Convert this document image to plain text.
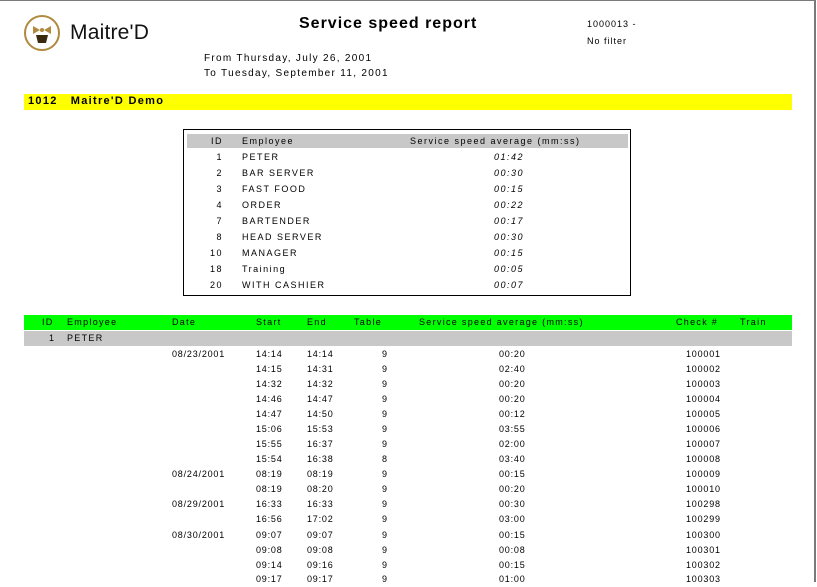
Maitre'D	Service speed report	1000013 -
No filter
From Thursday, July 26, 2001
To Tuesday, September 11, 2001
1012   Maitre'D Demo
ID Employee	Service speed average (mm:ss)
1 PETER	01:42
2 BAR SERVER	00:30
3 FAST FOOD	00:15
4 ORDER	00:22
7 BARTENDER	00:17
8 HEAD SERVER	00:30
10 MANAGER	00:15
18 Training	00:05
20 WITH CASHIER	00:07
ID Employee	Date	Start	End	Table	Service speed average (mm:ss)	Check # Train
1 PETER
08/23/2001	14:14	14:14	9	00:20	100001
14:15	14:31	9	02:40	100002
14:32	14:32	9	00:20	100003
14:46	14:47	9	00:20	100004
14:47	14:50	9	00:12	100005
15:06	15:53	9	03:55	100006
15:55	16:37	9	02:00	100007
15:54	16:38	8	03:40	100008
08/24/2001	08:19	08:19	9	00:15	100009
08:19	08:20	9	00:20	100010
08/29/2001	16:33	16:33	9	00:30	100298
16:56	17:02	9	03:00	100299
08/30/2001	09:07	09:07	9	00:15	100300
09:08	09:08	9	00:08	100301
09:14	09:16	9	00:15	100302
09:17	09:17	9	01:00	100303
